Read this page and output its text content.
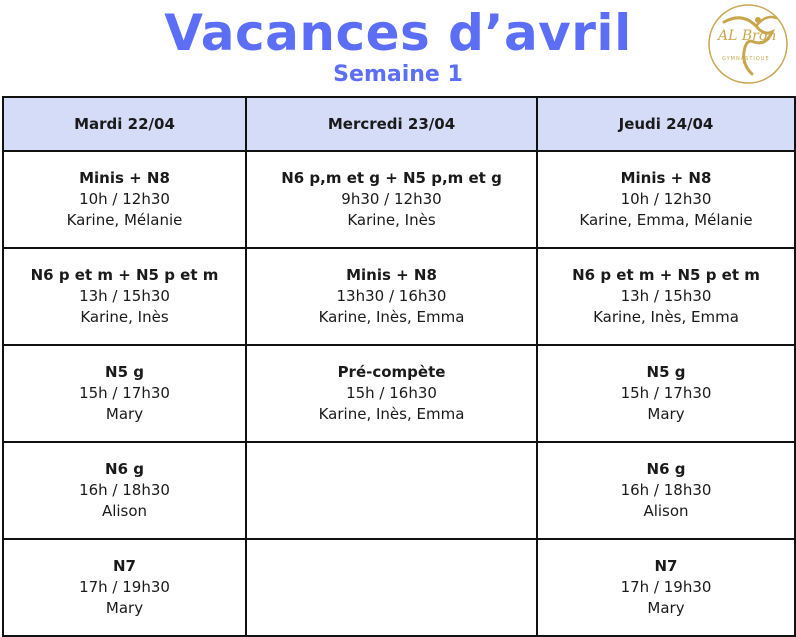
Vacances d’avril
Semaine 1
AL Bron
GYMNASTIQUE
Mardi 22/04	Mercredi 23/04	Jeudi 24/04

Minis + N8
10h / 12h30
Karine, Mélanie	N6 p,m et g + N5 p,m et g
9h30 / 12h30
Karine, Inès	Minis + N8
10h / 12h30
Karine, Emma, Mélanie

N6 p et m + N5 p et m
13h / 15h30
Karine, Inès	Minis + N8
13h30 / 16h30
Karine, Inès, Emma	N6 p et m + N5 p et m
13h / 15h30
Karine, Inès, Emma

N5 g
15h / 17h30
Mary	Pré-compète
15h / 16h30
Karine, Inès, Emma	N5 g
15h / 17h30
Mary

N6 g
16h / 18h30
Alison		N6 g
16h / 18h30
Alison

N7
17h / 19h30
Mary		N7
17h / 19h30
Mary
